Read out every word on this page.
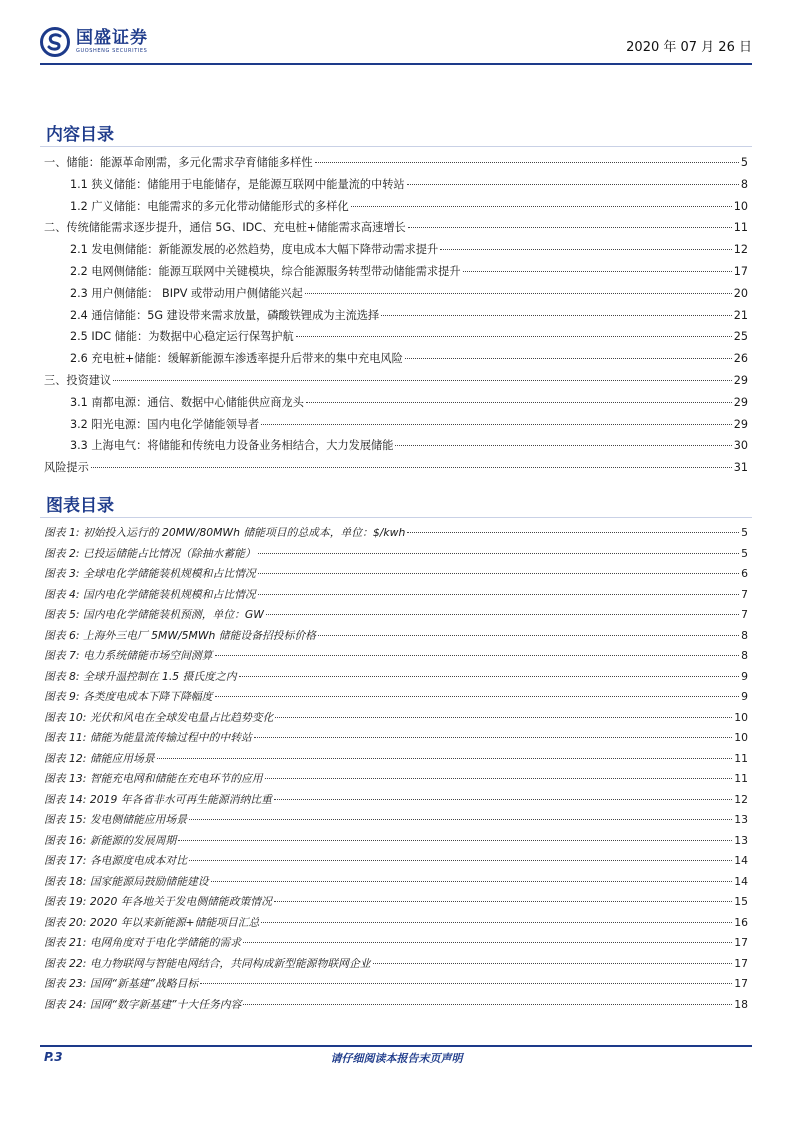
国盛证券
GUOSHENG SECURITIES	2020 年 07 月 26 日
内容目录
一、储能：能源革命刚需，多元化需求孕育储能多样性	5
1.1 狭义储能：储能用于电能储存，是能源互联网中能量流的中转站	8
1.2 广义储能：电能需求的多元化带动储能形式的多样化	10
二、传统储能需求逐步提升，通信 5G、IDC、充电桩+储能需求高速增长	11
2.1 发电侧储能：新能源发展的必然趋势，度电成本大幅下降带动需求提升	12
2.2 电网侧储能：能源互联网中关键模块，综合能源服务转型带动储能需求提升	17
2.3 用户侧储能： BIPV 或带动用户侧储能兴起	20
2.4 通信储能：5G 建设带来需求放量，磷酸铁锂成为主流选择	21
2.5 IDC 储能：为数据中心稳定运行保驾护航	25
2.6 充电桩+储能：缓解新能源车渗透率提升后带来的集中充电风险	26
三、投资建议	29
3.1 南都电源：通信、数据中心储能供应商龙头	29
3.2 阳光电源：国内电化学储能领导者	29
3.3 上海电气：将储能和传统电力设备业务相结合，大力发展储能	30
风险提示	31
图表目录
图表 1: 初始投入运行的 20MW/80MWh 储能项目的总成本，单位：$/kwh	5
图表 2: 已投运储能占比情况（除抽水蓄能）	5
图表 3: 全球电化学储能装机规模和占比情况	6
图表 4: 国内电化学储能装机规模和占比情况	7
图表 5: 国内电化学储能装机预测，单位：GW	7
图表 6: 上海外三电厂 5MW/5MWh 储能设备招投标价格	8
图表 7: 电力系统储能市场空间测算	8
图表 8: 全球升温控制在 1.5 摄氏度之内	9
图表 9: 各类度电成本下降下降幅度	9
图表 10: 光伏和风电在全球发电量占比趋势变化	10
图表 11: 储能为能量流传输过程中的中转站	10
图表 12: 储能应用场景	11
图表 13: 智能充电网和储能在充电环节的应用	11
图表 14: 2019 年各省非水可再生能源消纳比重	12
图表 15: 发电侧储能应用场景	13
图表 16: 新能源的发展周期	13
图表 17: 各电源度电成本对比	14
图表 18: 国家能源局鼓励储能建设	14
图表 19: 2020 年各地关于发电侧储能政策情况	15
图表 20: 2020 年以来新能源+储能项目汇总	16
图表 21: 电网角度对于电化学储能的需求	17
图表 22: 电力物联网与智能电网结合，共同构成新型能源物联网企业	17
图表 23: 国网“新基建”战略目标	17
图表 24: 国网“数字新基建”十大任务内容	18
P.3	请仔细阅读本报告末页声明
